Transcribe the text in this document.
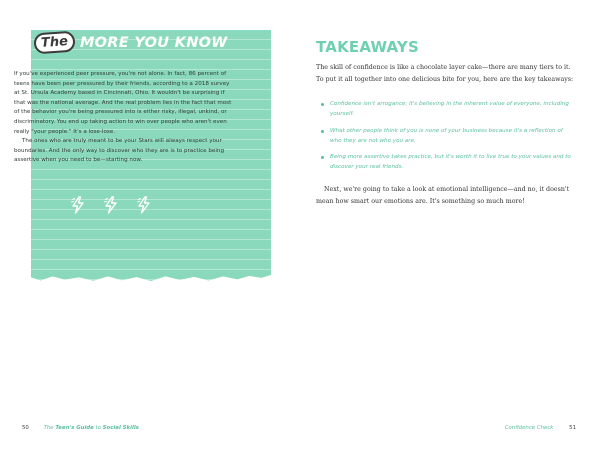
The MORE YOU KNOW

If you've experienced peer pressure, you're not alone. In fact, 86 percent of teens have been peer pressured by their friends, according to a 2018 survey at St. Ursula Academy based in Cincinnati, Ohio. It wouldn't be surprising if that was the national average. And the real problem lies in the fact that most of the behavior you're being pressured into is either risky, illegal, unkind, or discriminatory. You end up taking action to win over people who aren't even really "your people." It's a lose-lose.

The ones who are truly meant to be your Stars will always respect your boundaries. And the only way to discover who they are is to practice being assertive when you need to be—starting now.

50	The Teen's Guide to Social Skills
TAKEAWAYS

The skill of confidence is like a chocolate layer cake—there are many tiers to it. To put it all together into one delicious bite for you, here are the key takeaways:

Confidence isn't arrogance; it's believing in the inherent value of everyone, including yourself.
What other people think of you is none of your business because it's a reflection of who they are not who you are.
Being more assertive takes practice, but it's worth it to live true to your values and to discover your real friends.

Next, we're going to take a look at emotional intelligence—and no, it doesn't mean how smart our emotions are. It's something so much more!

Confidence Check	51
